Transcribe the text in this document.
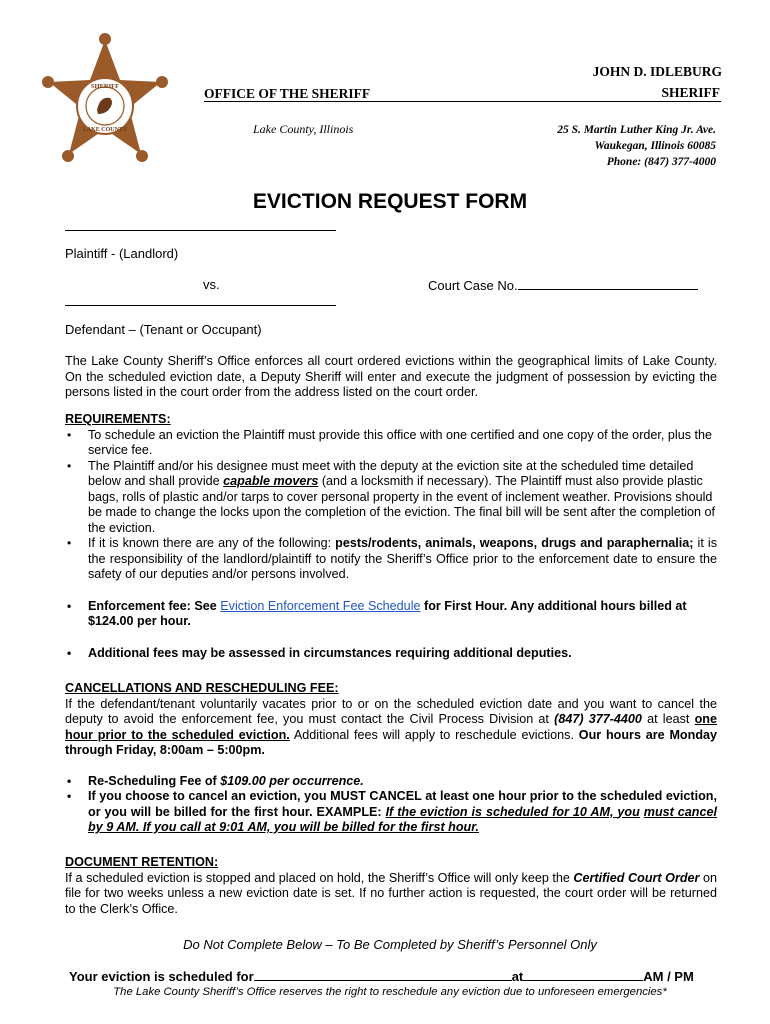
SHERIFF
LAKE COUNTY
OFFICE OF THE SHERIFF
JOHN D. IDLEBURG
SHERIFF
Lake County, Illinois	25 S. Martin Luther King Jr. Ave.
Waukegan, Illinois 60085
Phone: (847) 377-4000
EVICTION REQUEST FORM
Plaintiff - (Landlord)
vs.	Court Case No.
Defendant – (Tenant or Occupant)
The Lake County Sheriff’s Office enforces all court ordered evictions within the geographical limits of Lake County. On the scheduled eviction date, a Deputy Sheriff will enter and execute the judgment of possession by evicting the persons listed in the court order from the address listed on the court order.
REQUIREMENTS:
• To schedule an eviction the Plaintiff must provide this office with one certified and one copy of the order, plus the service fee.
• The Plaintiff and/or his designee must meet with the deputy at the eviction site at the scheduled time detailed below and shall provide capable movers (and a locksmith if necessary). The Plaintiff must also provide plastic bags, rolls of plastic and/or tarps to cover personal property in the event of inclement weather. Provisions should be made to change the locks upon the completion of the eviction. The final bill will be sent after the completion of the eviction.
• If it is known there are any of the following: pests/rodents, animals, weapons, drugs and paraphernalia; it is the responsibility of the landlord/plaintiff to notify the Sheriff’s Office prior to the enforcement date to ensure the safety of our deputies and/or persons involved.
• Enforcement fee: See Eviction Enforcement Fee Schedule for First Hour. Any additional hours billed at $124.00 per hour.
• Additional fees may be assessed in circumstances requiring additional deputies.
CANCELLATIONS AND RESCHEDULING FEE:
If the defendant/tenant voluntarily vacates prior to or on the scheduled eviction date and you want to cancel the deputy to avoid the enforcement fee, you must contact the Civil Process Division at (847) 377-4400 at least one hour prior to the scheduled eviction. Additional fees will apply to reschedule evictions. Our hours are Monday through Friday, 8:00am – 5:00pm.
• Re-Scheduling Fee of $109.00 per occurrence.
• If you choose to cancel an eviction, you MUST CANCEL at least one hour prior to the scheduled eviction, or you will be billed for the first hour. EXAMPLE: If the eviction is scheduled for 10 AM, you must cancel by 9 AM. If you call at 9:01 AM, you will be billed for the first hour.
DOCUMENT RETENTION:
If a scheduled eviction is stopped and placed on hold, the Sheriff’s Office will only keep the Certified Court Order on file for two weeks unless a new eviction date is set. If no further action is requested, the court order will be returned to the Clerk’s Office.
Do Not Complete Below – To Be Completed by Sheriff’s Personnel Only
Your eviction is scheduled for	at	AM / PM
The Lake County Sheriff’s Office reserves the right to reschedule any eviction due to unforeseen emergencies*
